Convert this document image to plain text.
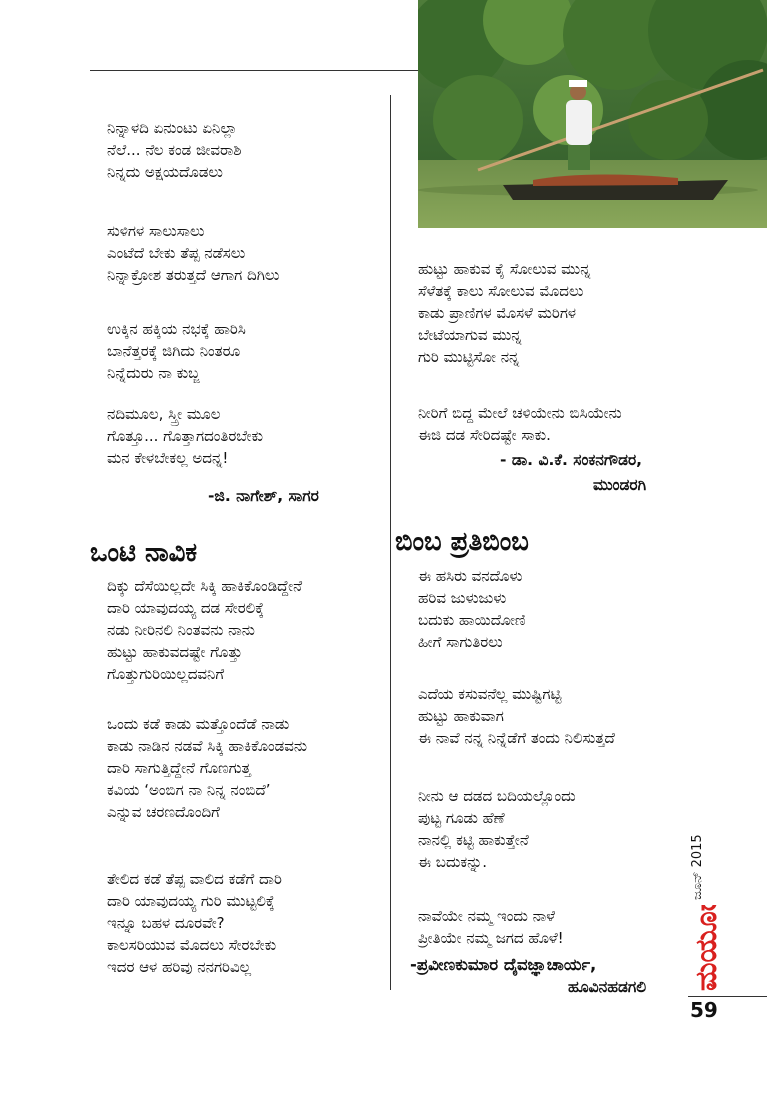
ನಿನ್ನಾಳದಿ ಏನುಂಟು ಏನಿಲ್ಲಾ
ನೆಲೆ... ನೆಲ ಕಂಡ ಜೀವರಾಶಿ
ನಿನ್ನದು ಅಕ್ಷಯದೊಡಲು
ಸುಳಿಗಳ ಸಾಲುಸಾಲು
ಎಂಟೆದೆ ಬೇಕು ತೆಪ್ಪ ನಡೆಸಲು
ನಿನ್ನಾಕ್ರೋಶ ತರುತ್ತದೆ ಆಗಾಗ ದಿಗಿಲು
ಉಕ್ಕಿನ ಹಕ್ಕಿಯ ನಭಕ್ಕೆ ಹಾರಿಸಿ
ಬಾನೆತ್ತರಕ್ಕೆ ಜಿಗಿದು ನಿಂತರೂ
ನಿನ್ನೆದುರು ನಾ ಕುಬ್ಜ
ನದಿಮೂಲ, ಸ್ತ್ರೀ ಮೂಲ
ಗೊತ್ತೂ... ಗೊತ್ತಾಗದಂತಿರಬೇಕು
ಮನ ಕೇಳಬೇಕಲ್ಲ ಅದನ್ನ!
-ಜಿ. ನಾಗೇಶ್, ಸಾಗರ
ಒಂಟಿ ನಾವಿಕ
ದಿಕ್ಕು ದೆಸೆಯಿಲ್ಲದೇ ಸಿಕ್ಕಿ ಹಾಕಿಕೊಂಡಿದ್ದೇನೆ
ದಾರಿ ಯಾವುದಯ್ಯ ದಡ ಸೇರಲಿಕ್ಕೆ
ನಡು ನೀರಿನಲಿ ನಿಂತವನು ನಾನು
ಹುಟ್ಟು ಹಾಕುವದಷ್ಟೇ ಗೊತ್ತು
ಗೊತ್ತುಗುರಿಯಿಲ್ಲದವನಿಗೆ
ಒಂದು ಕಡೆ ಕಾಡು ಮತ್ತೊಂದೆಡೆ ನಾಡು
ಕಾಡು ನಾಡಿನ ನಡವೆ ಸಿಕ್ಕಿ ಹಾಕಿಕೊಂಡವನು
ದಾರಿ ಸಾಗುತ್ತಿದ್ದೇನೆ ಗೊಣಗುತ್ತ
ಕವಿಯ ‘ಅಂಬಿಗ ನಾ ನಿನ್ನ ನಂಬಿದೆ’
ಎನ್ನುವ ಚರಣದೊಂದಿಗೆ
ತೇಲಿದ ಕಡೆ ತೆಪ್ಪ ವಾಲಿದ ಕಡೆಗೆ ದಾರಿ
ದಾರಿ ಯಾವುದಯ್ಯ ಗುರಿ ಮುಟ್ಟಲಿಕ್ಕೆ
ಇನ್ನೂ ಬಹಳ ದೂರವೇ?
ಕಾಲಸರಿಯುವ ಮೊದಲು ಸೇರಬೇಕು
ಇದರ ಆಳ ಹರಿವು ನನಗರಿವಿಲ್ಲ
ಹುಟ್ಟು ಹಾಕುವ ಕೈ ಸೋಲುವ ಮುನ್ನ
ಸೆಳೆತಕ್ಕೆ ಕಾಲು ಸೋಲುವ ಮೊದಲು
ಕಾಡು ಪ್ರಾಣಿಗಳ ಮೊಸಳೆ ಮರಿಗಳ
ಬೇಟೆಯಾಗುವ ಮುನ್ನ
ಗುರಿ ಮುಟ್ಟಿಸೋ ನನ್ನ
ನೀರಿಗೆ ಬಿದ್ದ ಮೇಲೆ ಚಳಿಯೇನು ಬಿಸಿಯೇನು
ಈಜಿ ದಡ ಸೇರಿದಷ್ಟೇ ಸಾಕು.
- ಡಾ. ವಿ.ಕೆ. ಸಂಕನಗೌಡರ,
ಮುಂಡರಗಿ
ಬಿಂಬ ಪ್ರತಿಬಿಂಬ
ಈ ಹಸಿರು ವನದೊಳು
ಹರಿವ ಜುಳುಜುಳು
ಬದುಕು ಹಾಯಿದೋಣಿ
ಹೀಗೆ ಸಾಗುತಿರಲು
ಎದೆಯ ಕಸುವನೆಲ್ಲ ಮುಷ್ಟಿಗಟ್ಟಿ
ಹುಟ್ಟು ಹಾಕುವಾಗ
ಈ ನಾವೆ ನನ್ನ ನಿನ್ನೆಡೆಗೆ ತಂದು ನಿಲಿಸುತ್ತದೆ
ನೀನು ಆ ದಡದ ಬದಿಯಲ್ಲೊಂದು
ಪುಟ್ಟ ಗೂಡು ಹೆಣೆ
ನಾನಲ್ಲಿ ಕಟ್ಟಿ ಹಾಕುತ್ತೇನೆ
ಈ ಬದುಕನ್ನು.
ನಾವೆಯೇ ನಮ್ಮ ಇಂದು ನಾಳೆ
ಪ್ರೀತಿಯೇ ನಮ್ಮ ಜಗದ ಹೊಳೆ!
-ಪ್ರವೀಣಕುಮಾರ ದೈವಜ್ಞಾಚಾರ್ಯ,
ಹೂವಿನಹಡಗಲಿ
ಜೂನ್ 2015
ಮಯೂರ
59
